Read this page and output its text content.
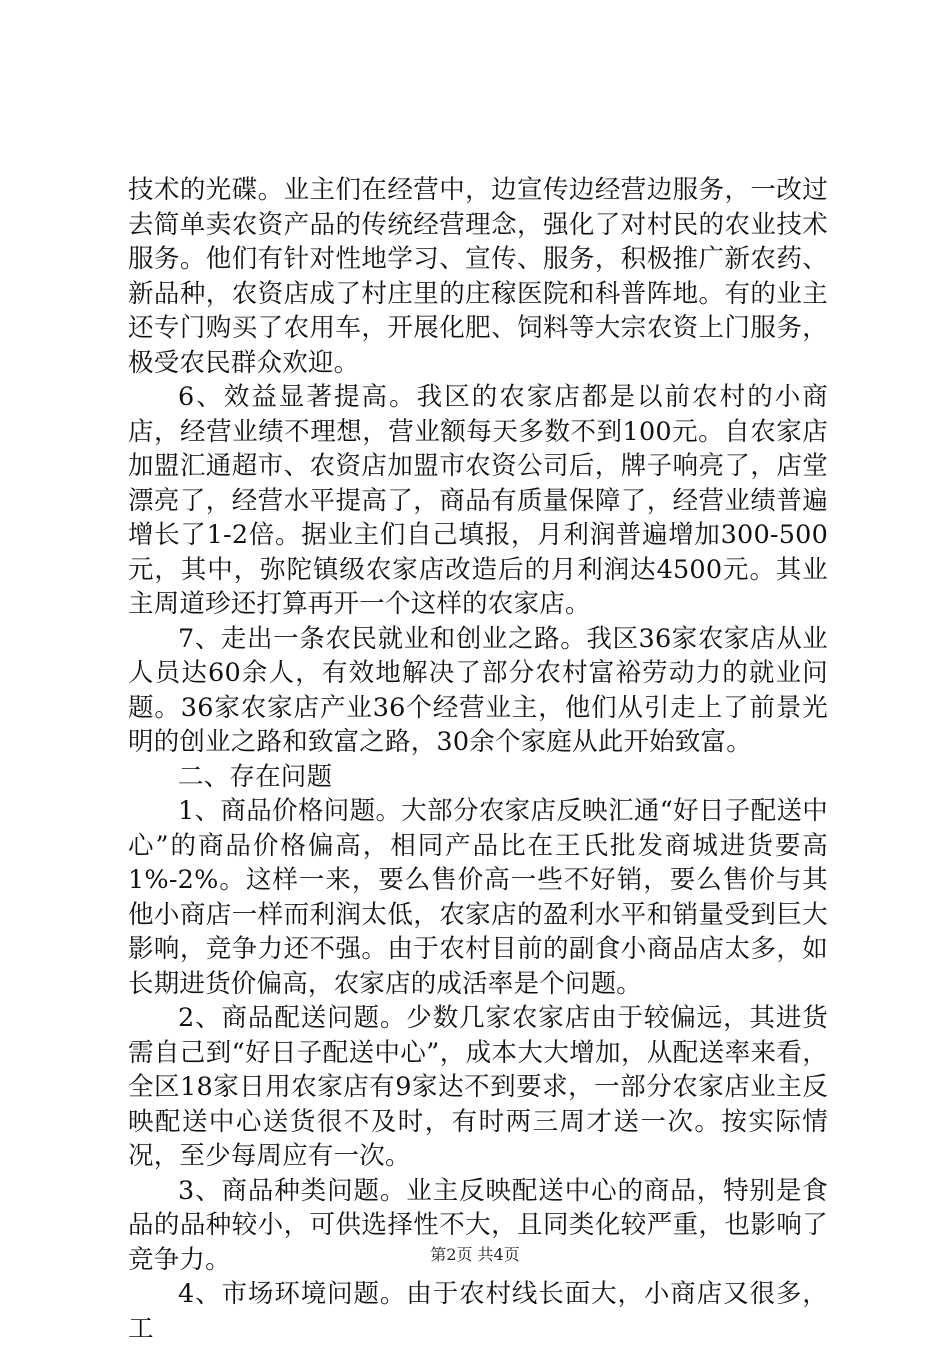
技术的光碟。业主们在经营中，边宣传边经营边服务，一改过去简单卖农资产品的传统经营理念，强化了对村民的农业技术服务。他们有针对性地学习、宣传、服务，积极推广新农药、新品种，农资店成了村庄里的庄稼医院和科普阵地。有的业主还专门购买了农用车，开展化肥、饲料等大宗农资上门服务，极受农民群众欢迎。

6、效益显著提高。我区的农家店都是以前农村的小商店，经营业绩不理想，营业额每天多数不到100元。自农家店加盟汇通超市、农资店加盟市农资公司后，牌子响亮了，店堂漂亮了，经营水平提高了，商品有质量保障了，经营业绩普遍增长了1-2倍。据业主们自己填报，月利润普遍增加300-500元，其中，弥陀镇级农家店改造后的月利润达4500元。其业主周道珍还打算再开一个这样的农家店。

7、走出一条农民就业和创业之路。我区36家农家店从业人员达60余人，有效地解决了部分农村富裕劳动力的就业问题。36家农家店产业36个经营业主，他们从引走上了前景光明的创业之路和致富之路，30余个家庭从此开始致富。

二、存在问题

1、商品价格问题。大部分农家店反映汇通“好日子配送中心”的商品价格偏高，相同产品比在王氏批发商城进货要高1%-2%。这样一来，要么售价高一些不好销，要么售价与其他小商店一样而利润太低，农家店的盈利水平和销量受到巨大影响，竞争力还不强。由于农村目前的副食小商品店太多，如长期进货价偏高，农家店的成活率是个问题。

2、商品配送问题。少数几家农家店由于较偏远，其进货需自己到“好日子配送中心”，成本大大增加，从配送率来看，全区18家日用农家店有9家达不到要求，一部分农家店业主反映配送中心送货很不及时，有时两三周才送一次。按实际情况，至少每周应有一次。

3、商品种类问题。业主反映配送中心的商品，特别是食品的品种较小，可供选择性不大，且同类化较严重，也影响了竞争力。

4、市场环境问题。由于农村线长面大，小商店又很多，工

第2页 共4页
